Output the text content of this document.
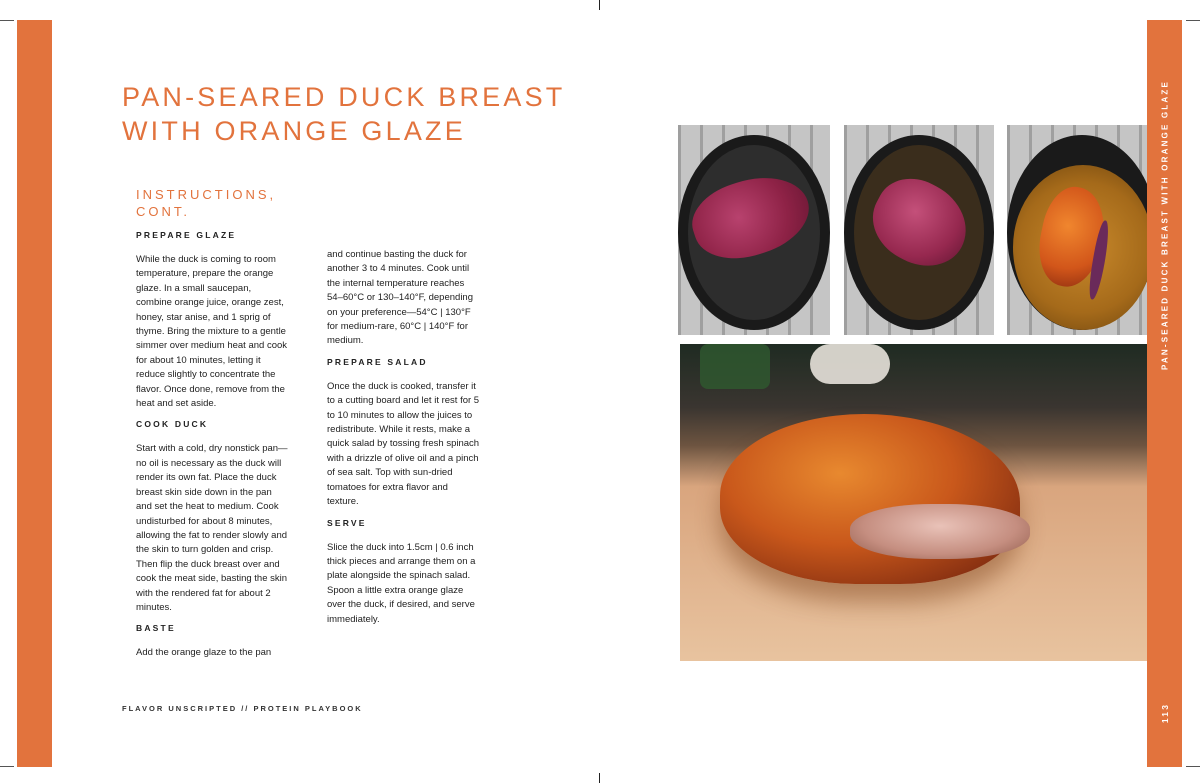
PAN-SEARED DUCK BREAST WITH ORANGE GLAZE
113
PAN-SEARED DUCK BREAST
WITH ORANGE GLAZE
INSTRUCTIONS,
CONT.

PREPARE GLAZE

While the duck is coming to room temperature, prepare the orange glaze. In a small saucepan, combine orange juice, orange zest, honey, star anise, and 1 sprig of thyme. Bring the mixture to a gentle simmer over medium heat and cook for about 10 minutes, letting it reduce slightly to concentrate the flavor. Once done, remove from the heat and set aside.

COOK DUCK

Start with a cold, dry nonstick pan—no oil is necessary as the duck will render its own fat. Place the duck breast skin side down in the pan and set the heat to medium. Cook undisturbed for about 8 minutes, allowing the fat to render slowly and the skin to turn golden and crisp. Then flip the duck breast over and cook the meat side, basting the skin with the rendered fat for about 2 minutes.

BASTE

Add the orange glaze to the pan

and continue basting the duck for another 3 to 4 minutes. Cook until the internal temperature reaches 54–60°C or 130–140°F, depending on your preference—54°C | 130°F for medium-rare, 60°C | 140°F for medium.

PREPARE SALAD

Once the duck is cooked, transfer it to a cutting board and let it rest for 5 to 10 minutes to allow the juices to redistribute. While it rests, make a quick salad by tossing fresh spinach with a drizzle of olive oil and a pinch of sea salt. Top with sun-dried tomatoes for extra flavor and texture.

SERVE

Slice the duck into 1.5cm | 0.6 inch thick pieces and arrange them on a plate alongside the spinach salad. Spoon a little extra orange glaze over the duck, if desired, and serve immediately.

FLAVOR UNSCRIPTED // PROTEIN PLAYBOOK
